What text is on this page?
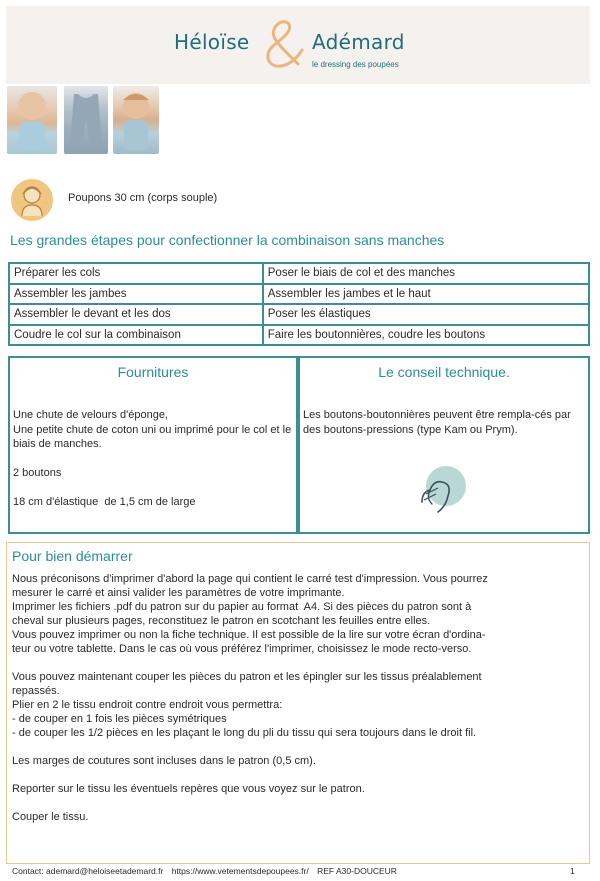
Héloïse	Adémard
le dressing des poupées
Poupons 30 cm (corps souple)
Les grandes étapes pour confectionner la combinaison sans manches
Préparer les cols	Poser le biais de col et des manches
Assembler les jambes	Assembler les jambes et le haut
Assembler le devant et les dos	Poser les élastiques
Coudre le col sur la combinaison	Faire les boutonnières, coudre les boutons
Fournitures

Une chute de velours d'éponge,
Une petite chute de coton uni ou imprimé pour le col et le biais de manches.

2 boutons

18 cm d'élastique  de 1,5 cm de large

Le conseil technique.
Les boutons-boutonnières peuvent être rempla-cés par des boutons-pressions (type Kam ou Prym).
Pour bien démarrer
Nous préconisons d'imprimer d'abord la page qui contient le carré test d'impression. Vous pourrez
mesurer le carré et ainsi valider les paramètres de votre imprimante.
Imprimer les fichiers .pdf du patron sur du papier au format  A4. Si des pièces du patron sont à
cheval sur plusieurs pages, reconstituez le patron en scotchant les feuilles entre elles.
Vous pouvez imprimer ou non la fiche technique. Il est possible de la lire sur votre écran d'ordina-
teur ou votre tablette. Dans le cas où vous préférez l'imprimer, choisissez le mode recto-verso.
Vous pouvez maintenant couper les pièces du patron et les épingler sur les tissus préalablement
repassés.
Plier en 2 le tissu endroit contre endroit vous permettra:
- de couper en 1 fois les pièces symétriques
- de couper les 1/2 pièces en les plaçant le long du pli du tissu qui sera toujours dans le droit fil.
Les marges de coutures sont incluses dans le patron (0,5 cm).
Reporter sur le tissu les éventuels repères que vous voyez sur le patron.
Couper le tissu.
Contact: ademard@heloiseetademard.fr https://www.vetementsdepoupees.fr/ REF A30-DOUCEUR	1
